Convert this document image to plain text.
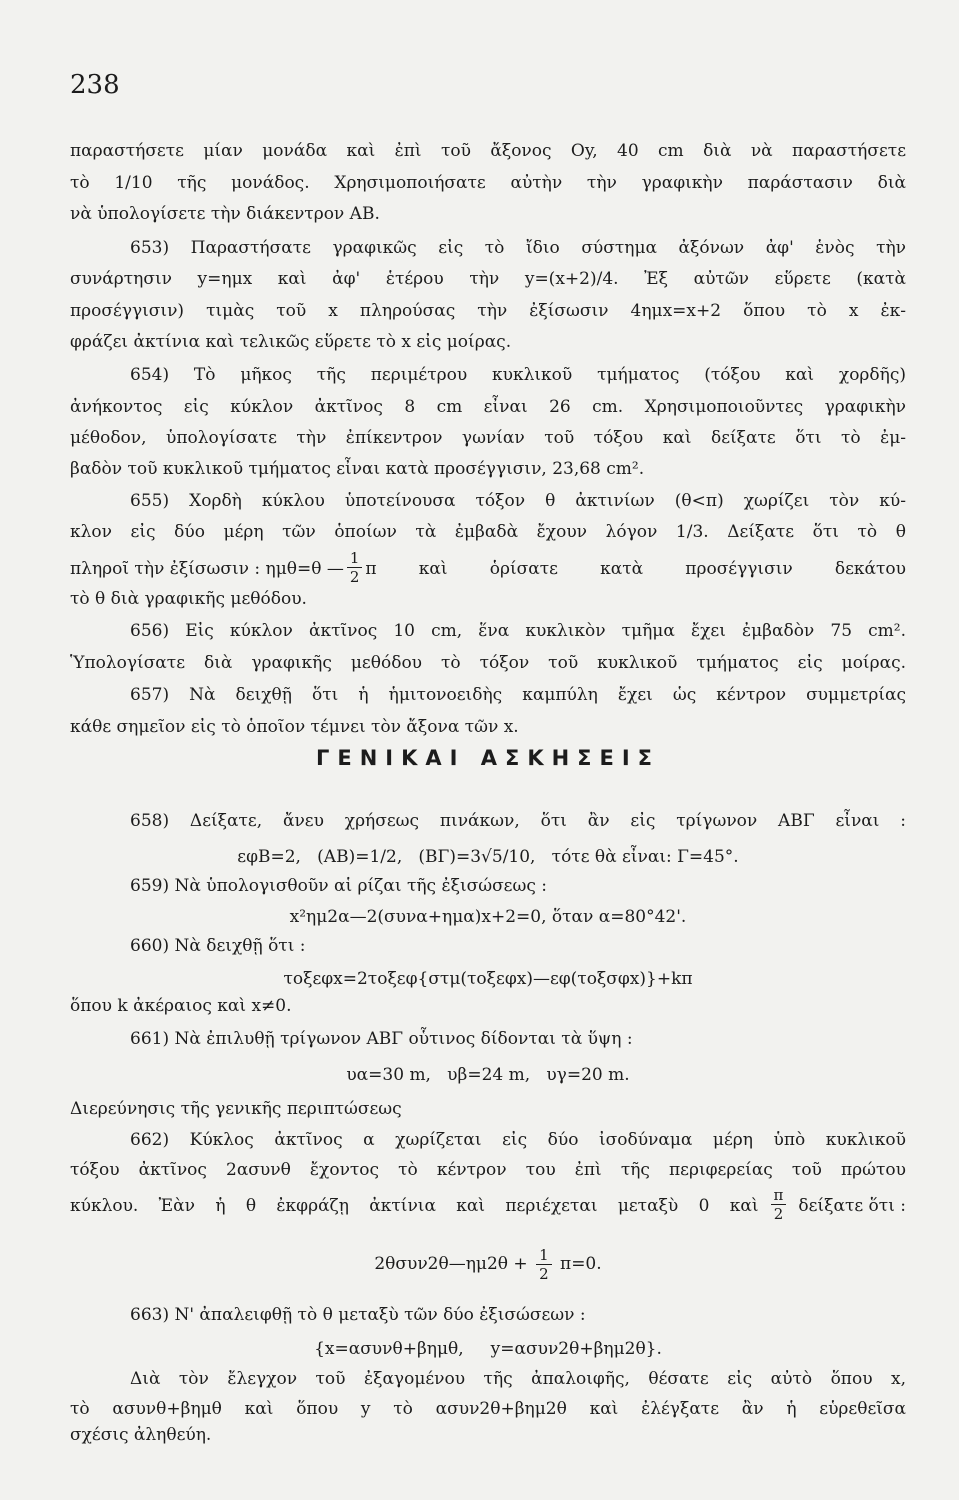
238
παραστήσετε μίαν μονάδα καὶ ἐπὶ τοῦ ἄξονος Oy, 40 cm διὰ νὰ παραστήσετε
τὸ 1/10 τῆς μονάδος. Χρησιμοποιήσατε αὐτὴν τὴν γραφικὴν παράστασιν διὰ
νὰ ὑπολογίσετε τὴν διάκεντρον ΑΒ.
653) Παραστήσατε γραφικῶς εἰς τὸ ἴδιο σύστημα ἀξόνων ἀφ' ἑνὸς τὴν
συνάρτησιν y=ημx καὶ ἀφ' ἑτέρου τὴν y=(x+2)/4. Ἐξ αὐτῶν εὕρετε (κατὰ
προσέγγισιν) τιμὰς τοῦ x πληρούσας τὴν ἐξίσωσιν 4ημx=x+2 ὅπου τὸ x ἐκ-
φράζει ἀκτίνια καὶ τελικῶς εὕρετε τὸ x εἰς μοίρας.
654) Τὸ μῆκος τῆς περιμέτρου κυκλικοῦ τμήματος (τόξου καὶ χορδῆς)
ἀνήκοντος εἰς κύκλον ἀκτῖνος 8 cm εἶναι 26 cm. Χρησιμοποιοῦντες γραφικὴν
μέθοδον, ὑπολογίσατε τὴν ἐπίκεντρον γωνίαν τοῦ τόξου καὶ δείξατε ὅτι τὸ ἐμ-
βαδὸν τοῦ κυκλικοῦ τμήματος εἶναι κατὰ προσέγγισιν, 23,68 cm².
655) Χορδὴ κύκλου ὑποτείνουσα τόξον θ ἀκτινίων (θ<π) χωρίζει τὸν κύ-
κλον εἰς δύο μέρη τῶν ὁποίων τὰ ἐμβαδὰ ἔχουν λόγον 1/3. Δείξατε ὅτι τὸ θ
πληροῖ τὴν ἐξίσωσιν : ημθ=θ — $\frac{1}{2}$ π καὶ ὁρίσατε κατὰ προσέγγισιν δεκάτου
τὸ θ διὰ γραφικῆς μεθόδου.
656) Εἰς κύκλον ἀκτῖνος 10 cm, ἕνα κυκλικὸν τμῆμα ἔχει ἐμβαδὸν 75 cm².
Ὑπολογίσατε διὰ γραφικῆς μεθόδου τὸ τόξον τοῦ κυκλικοῦ τμήματος εἰς μοίρας.
657) Νὰ δειχθῇ ὅτι ἡ ἡμιτονοειδὴς καμπύλη ἔχει ὡς κέντρον συμμετρίας
κάθε σημεῖον εἰς τὸ ὁποῖον τέμνει τὸν ἄξονα τῶν x.
ΓΕΝΙΚΑΙ ΑΣΚΗΣΕΙΣ
658) Δείξατε, ἄνευ χρήσεως πινάκων, ὅτι ἂν εἰς τρίγωνον ΑΒΓ εἶναι :
εφΒ=2,   (ΑΒ)=1/2,   (ΒΓ)=3√5/10,   τότε θὰ εἶναι: Γ=45°.
659) Νὰ ὑπολογισθοῦν αἱ ρίζαι τῆς ἐξισώσεως :
x²ημ2α—2(συνα+ημα)x+2=0, ὅταν α=80°42'.
660) Νὰ δειχθῇ ὅτι :
τοξεφx=2τοξεφ{στμ(τοξεφx)—εφ(τοξσφx)}+kπ
ὅπου k ἀκέραιος καὶ x≠0.
661) Νὰ ἐπιλυθῇ τρίγωνον ΑΒΓ οὗτινος δίδονται τὰ ὕψη :
υα=30 m,   υβ=24 m,   υγ=20 m.
Διερεύνησις τῆς γενικῆς περιπτώσεως
662) Κύκλος ἀκτῖνος α χωρίζεται εἰς δύο ἰσοδύναμα μέρη ὑπὸ κυκλικοῦ
τόξου ἀκτῖνος 2ασυνθ ἔχοντος τὸ κέντρον του ἐπὶ τῆς περιφερείας τοῦ πρώτου
κύκλου. Ἐὰν ἡ θ ἐκφράζῃ ἀκτίνια καὶ περιέχεται μεταξὺ 0 καὶ $\frac{\pi}{2}$ δείξατε ὅτι :
2θσυν2θ—ημ2θ + $\frac{1}{2} \pi=0$.
663) Ν' ἀπαλειφθῇ τὸ θ μεταξὺ τῶν δύο ἐξισώσεων :
{x=ασυνθ+βημθ,     y=ασυν2θ+βημ2θ}.
Διὰ τὸν ἔλεγχον τοῦ ἐξαγομένου τῆς ἀπαλοιφῆς, θέσατε εἰς αὐτὸ ὅπου x,
τὸ ασυνθ+βημθ καὶ ὅπου y τὸ ασυν2θ+βημ2θ καὶ ἐλέγξατε ἂν ἡ εὑρεθεῖσα
σχέσις ἀληθεύη.
